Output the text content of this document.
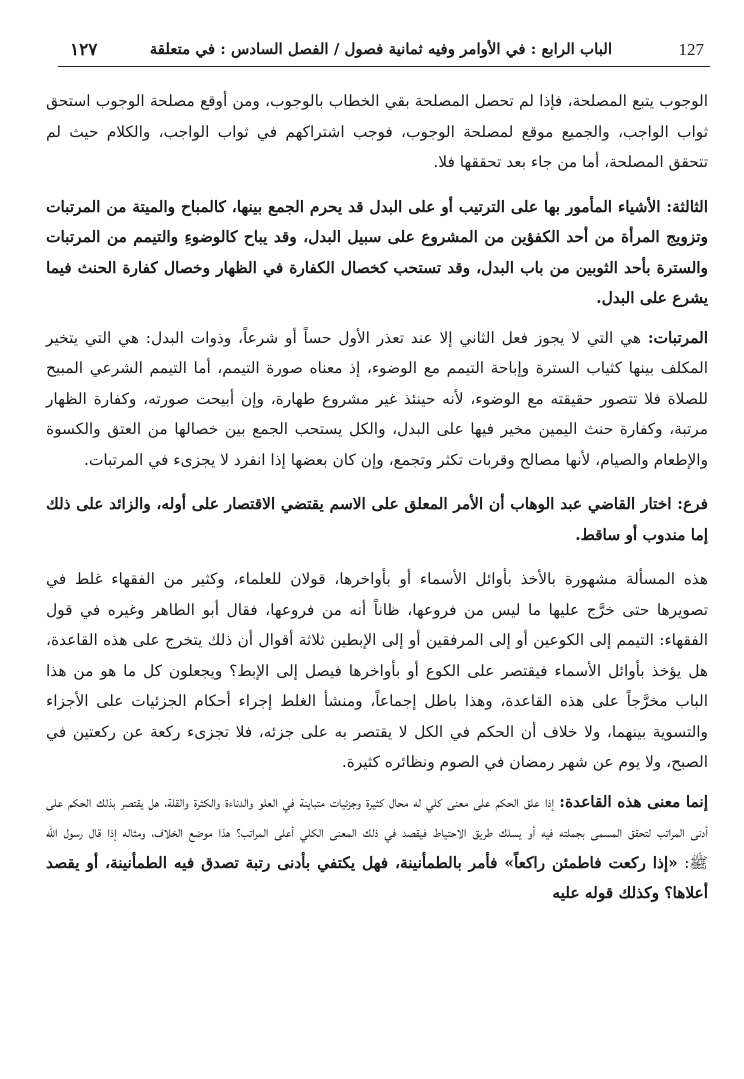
127
الباب الرابع : في الأوامر وفيه ثمانية فصول / الفصل السادس : في متعلقة
١٢٧

الوجوب يتبع المصلحة، فإذا لم تحصل المصلحة بقي الخطاب بالوجوب، ومن أوقع مصلحة الوجوب استحق ثواب الواجب، والجميع موقع لمصلحة الوجوب، فوجب اشتراكهم في ثواب الواجب، والكلام حيث لم تتحقق المصلحة، أما من جاء بعد تحققها فلا.

الثالثة: الأشياء المأمور بها على الترتيب أو على البدل قد يحرم الجمع بينها، كالمباح والميتة من المرتبات وتزويج المرأة من أحد الكفؤين من المشروع على سبيل البدل، وقد يباح كالوضوءِ والتيمم من المرتبات والسترة بأحد الثوبين من باب البدل، وقد تستحب كخصال الكفارة في الظهار وخصال كفارة الحنث فيما يشرع على البدل.

المرتبات: هي التي لا يجوز فعل الثاني إلا عند تعذر الأول حساً أو شرعاً، وذوات البدل: هي التي يتخير المكلف بينها كثياب السترة وإباحة التيمم مع الوضوء، إذ معناه صورة التيمم، أما التيمم الشرعي المبيح للصلاة فلا تتصور حقيقته مع الوضوء، لأنه حينئذ غير مشروع طهارة، وإن أبيحت صورته، وكفارة الظهار مرتبة، وكفارة حنث اليمين مخير فيها على البدل، والكل يستحب الجمع بين خصالها من العتق والكسوة والإطعام والصيام، لأنها مصالح وقربات تكثر وتجمع، وإن كان بعضها إذا انفرد لا يجزىء في المرتبات.

فرع: اختار القاضي عبد الوهاب أن الأمر المعلق على الاسم يقتضي الاقتصار على أوله، والزائد على ذلك إما مندوب أو ساقط.

هذه المسألة مشهورة بالأخذ بأوائل الأسماء أو بأواخرها، قولان للعلماء، وكثير من الفقهاء غلط في تصويرها حتى خرَّج عليها ما ليس من فروعها، ظاناً أنه من فروعها، فقال أبو الطاهر وغيره في قول الفقهاء: التيمم إلى الكوعين أو إلى المرفقين أو إلى الإبطين ثلاثة أقوال أن ذلك يتخرج على هذه القاعدة، هل يؤخذ بأوائل الأسماء فيقتصر على الكوع أو بأواخرها فيصل إلى الإبط؟ ويجعلون كل ما هو من هذا الباب مخرَّجاً على هذه القاعدة، وهذا باطل إجماعاً، ومنشأ الغلط إجراء أحكام الجزئيات على الأجزاء والتسوية بينهما، ولا خلاف أن الحكم في الكل لا يقتصر به على جزئه، فلا تجزىء ركعة عن ركعتين في الصبح، ولا يوم عن شهر رمضان في الصوم ونظائره كثيرة.

إنما معنى هذه القاعدة: إذا علق الحكم على معنى كلي له محال كثيرة وجزئيات متباينة في العلو والدناءة والكثرة والقلة، هل يقتصر بذلك الحكم على أدنى المراتب لتحقق المسمى بجملته فيه أو يسلك طريق الاحتياط فيقصد في ذلك المعنى الكلي أعلى المراتب؟ هذا موضع الخلاف، ومثاله إذا قال رسول الله ﷺ: «إذا ركعت فاطمئن راكعاً» فأمر بالطمأنينة، فهل يكتفي بأدنى رتبة تصدق فيه الطمأنينة، أو يقصد أعلاها؟ وكذلك قوله عليه
